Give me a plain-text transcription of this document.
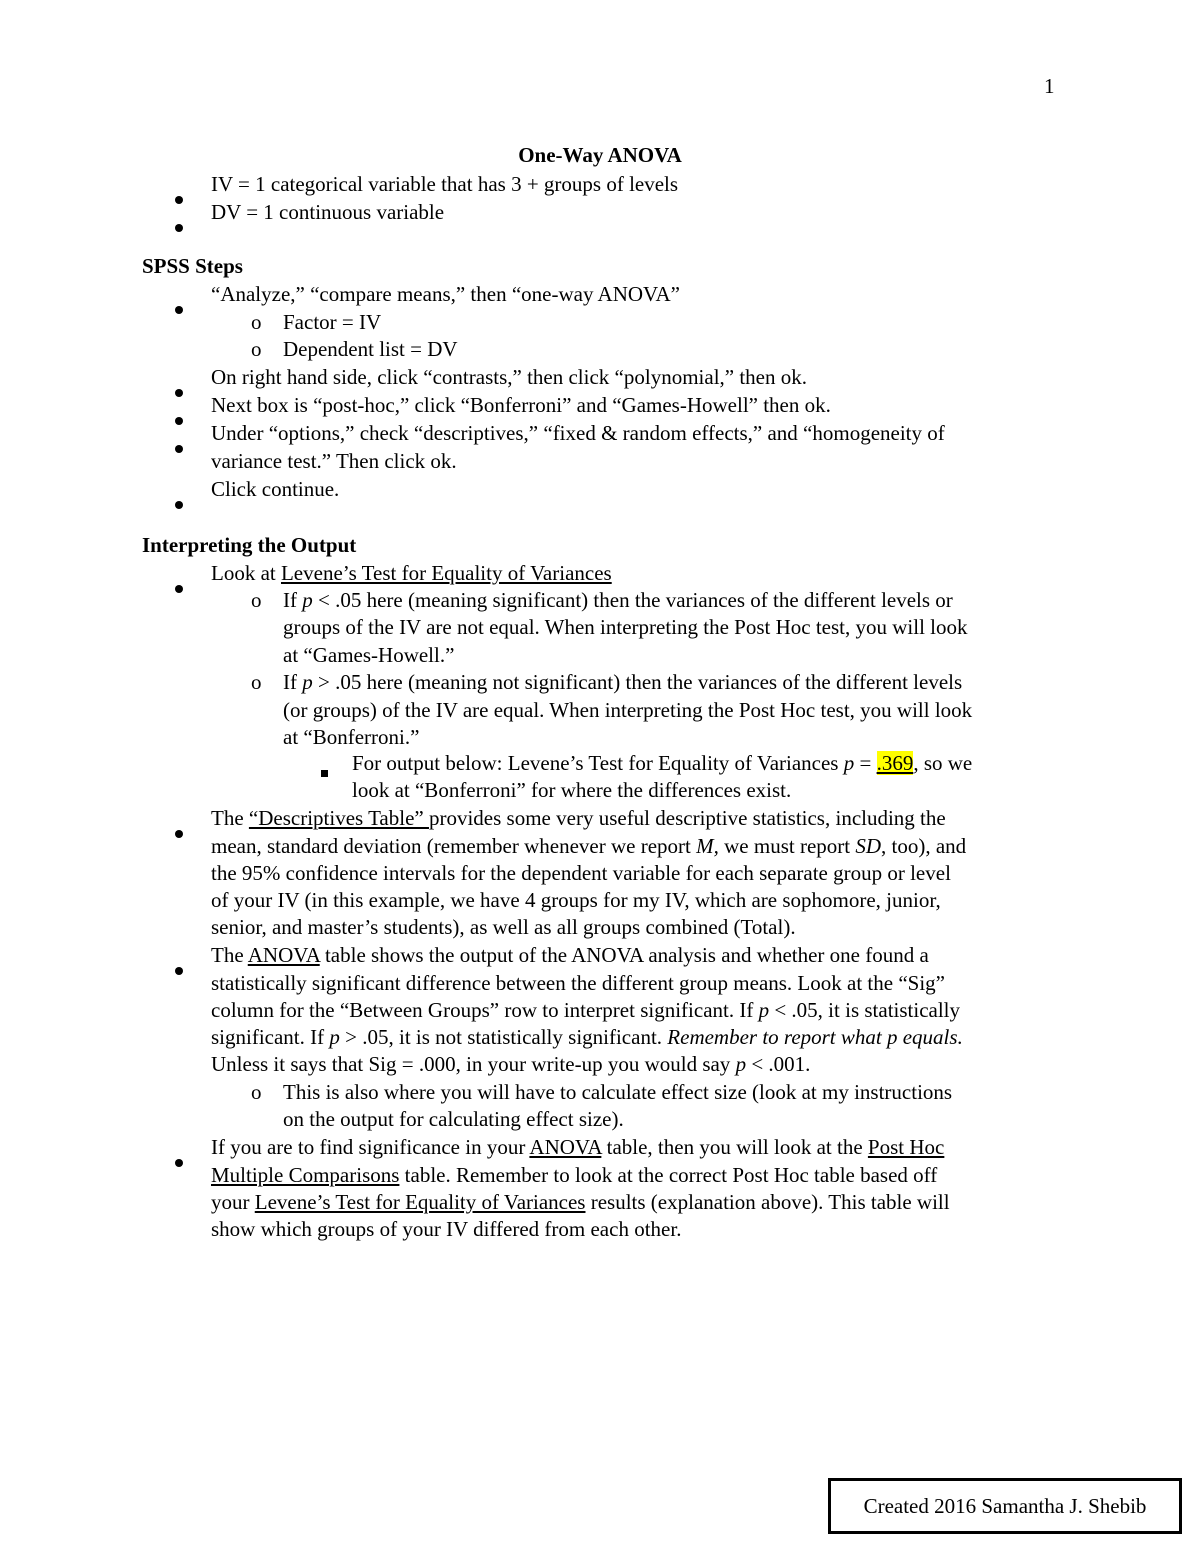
1
One-Way ANOVA
IV = 1 categorical variable that has 3 + groups of levels
DV = 1 continuous variable
SPSS Steps
“Analyze,” “compare means,” then “one-way ANOVA”
o Factor = IV
o Dependent list = DV
On right hand side, click “contrasts,” then click “polynomial,” then ok.
Next box is “post-hoc,” click “Bonferroni” and “Games-Howell” then ok.
Under “options,” check “descriptives,” “fixed & random effects,” and “homogeneity of
variance test.” Then click ok.
Click continue.
Interpreting the Output
Look at Levene’s Test for Equality of Variances
o If p < .05 here (meaning significant) then the variances of the different levels or
groups of the IV are not equal. When interpreting the Post Hoc test, you will look
at “Games-Howell.”
o If p > .05 here (meaning not significant) then the variances of the different levels
(or groups) of the IV are equal. When interpreting the Post Hoc test, you will look
at “Bonferroni.”
For output below: Levene’s Test for Equality of Variances p = .369, so we
look at “Bonferroni” for where the differences exist.
The “Descriptives Table” provides some very useful descriptive statistics, including the
mean, standard deviation (remember whenever we report M, we must report SD, too), and
the 95% confidence intervals for the dependent variable for each separate group or level
of your IV (in this example, we have 4 groups for my IV, which are sophomore, junior,
senior, and master’s students), as well as all groups combined (Total).
The ANOVA table shows the output of the ANOVA analysis and whether one found a
statistically significant difference between the different group means. Look at the “Sig”
column for the “Between Groups” row to interpret significant. If p < .05, it is statistically
significant. If p > .05, it is not statistically significant. Remember to report what p equals.
Unless it says that Sig = .000, in your write-up you would say p < .001.
o This is also where you will have to calculate effect size (look at my instructions
on the output for calculating effect size).
If you are to find significance in your ANOVA table, then you will look at the Post Hoc
Multiple Comparisons table. Remember to look at the correct Post Hoc table based off
your Levene’s Test for Equality of Variances results (explanation above). This table will
show which groups of your IV differed from each other.
Created 2016 Samantha J. Shebib
